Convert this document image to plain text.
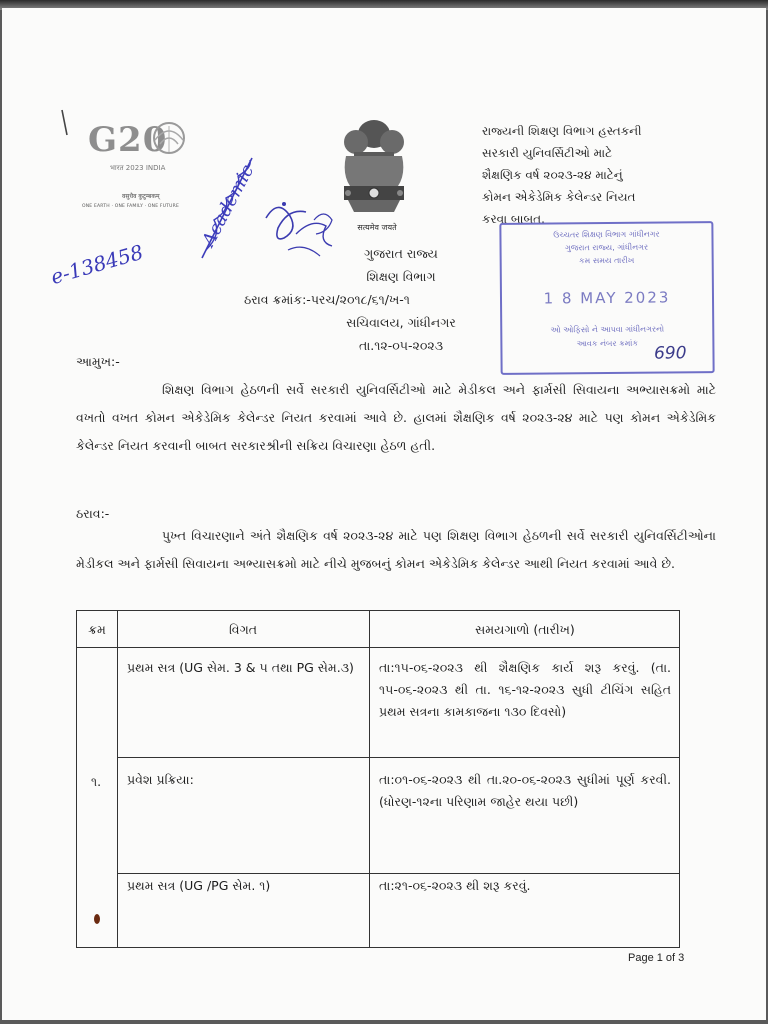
G20
भारत 2023 INDIA
वसुधैव कुटुम्बकम्
ONE EARTH · ONE FAMILY · ONE FUTURE
सत्यमेव जयते
રાજ્યની શિક્ષણ વિભાગ હસ્તકની
સરકારી યુનિવર્સિટીઓ માટે
શૈક્ષણિક વર્ષ ૨૦૨૩-૨૪ માટેનું
કોમન એકેડેમિક કેલેન્ડર નિયત
કરવા બાબત.
ગુજરાત રાજ્ય
શિક્ષણ વિભાગ
ઠરાવ ક્રમાંક:-પરચ/૨૦૧૮/૬૧/ખ-૧
સચિવાલય, ગાંધીનગર
તા.૧૨-૦૫-૨૦૨૩
ઉચ્ચતર શિક્ષણ વિભાગ ગાંધીનગર
ગુજરાત રાજ્ય, ગાંધીનગર
કમ સમય તારીખ
1 8 MAY 2023
ઓ ઓફિસો ને આપવા ગાંધીનગરનો
આવક નંબર ક્રમાંક 690
e-138458
Academic
આમુખ:-
શિક્ષણ વિભાગ હેઠળની સર્વે સરકારી યુનિવર્સિટીઓ માટે મેડીકલ અને ફાર્મસી સિવાયના અભ્યાસક્રમો માટે વખતો વખત કોમન એકેડેમિક કેલેન્ડર નિયત કરવામાં આવે છે. હાલમાં શૈક્ષણિક વર્ષ ૨૦૨૩-૨૪ માટે પણ કોમન એકેડેમિક કેલેન્ડર નિયત કરવાની બાબત સરકારશ્રીની સક્રિય વિચારણા હેઠળ હતી.
ઠરાવ:-
પુખ્ત વિચારણાને અંતે શૈક્ષણિક વર્ષ ૨૦૨૩-૨૪ માટે પણ શિક્ષણ વિભાગ હેઠળની સર્વે સરકારી યુનિવર્સિટીઓના મેડીકલ અને ફાર્મસી સિવાયના અભ્યાસક્રમો માટે નીચે મુજબનું કોમન એકેડેમિક કેલેન્ડર આથી નિયત કરવામાં આવે છે.
ક્રમ	વિગત	સમયગાળો (તારીખ)
૧.
પ્રથમ સત્ર (UG સેમ. 3 & ૫ તથા PG સેમ.૩)	તા:૧૫-૦૬-૨૦૨૩ થી શૈક્ષણિક કાર્ય શરૂ કરવું. (તા. ૧૫-૦૬-૨૦૨૩ થી તા. ૧૬-૧૨-૨૦૨૩ સુધી ટીચિંગ સહિત પ્રથમ સત્રના કામકાજના ૧૩૦ દિવસો)
પ્રવેશ પ્રક્રિયા:	તા:૦૧-૦૬-૨૦૨૩ થી તા.૨૦-૦૬-૨૦૨૩ સુધીમાં પૂર્ણ કરવી. (ધોરણ-૧૨ના પરિણામ જાહેર થયા પછી)
પ્રથમ સત્ર (UG /PG સેમ. ૧)	તા:૨૧-૦૬-૨૦૨૩ થી શરૂ કરવું.
Page 1 of 3
